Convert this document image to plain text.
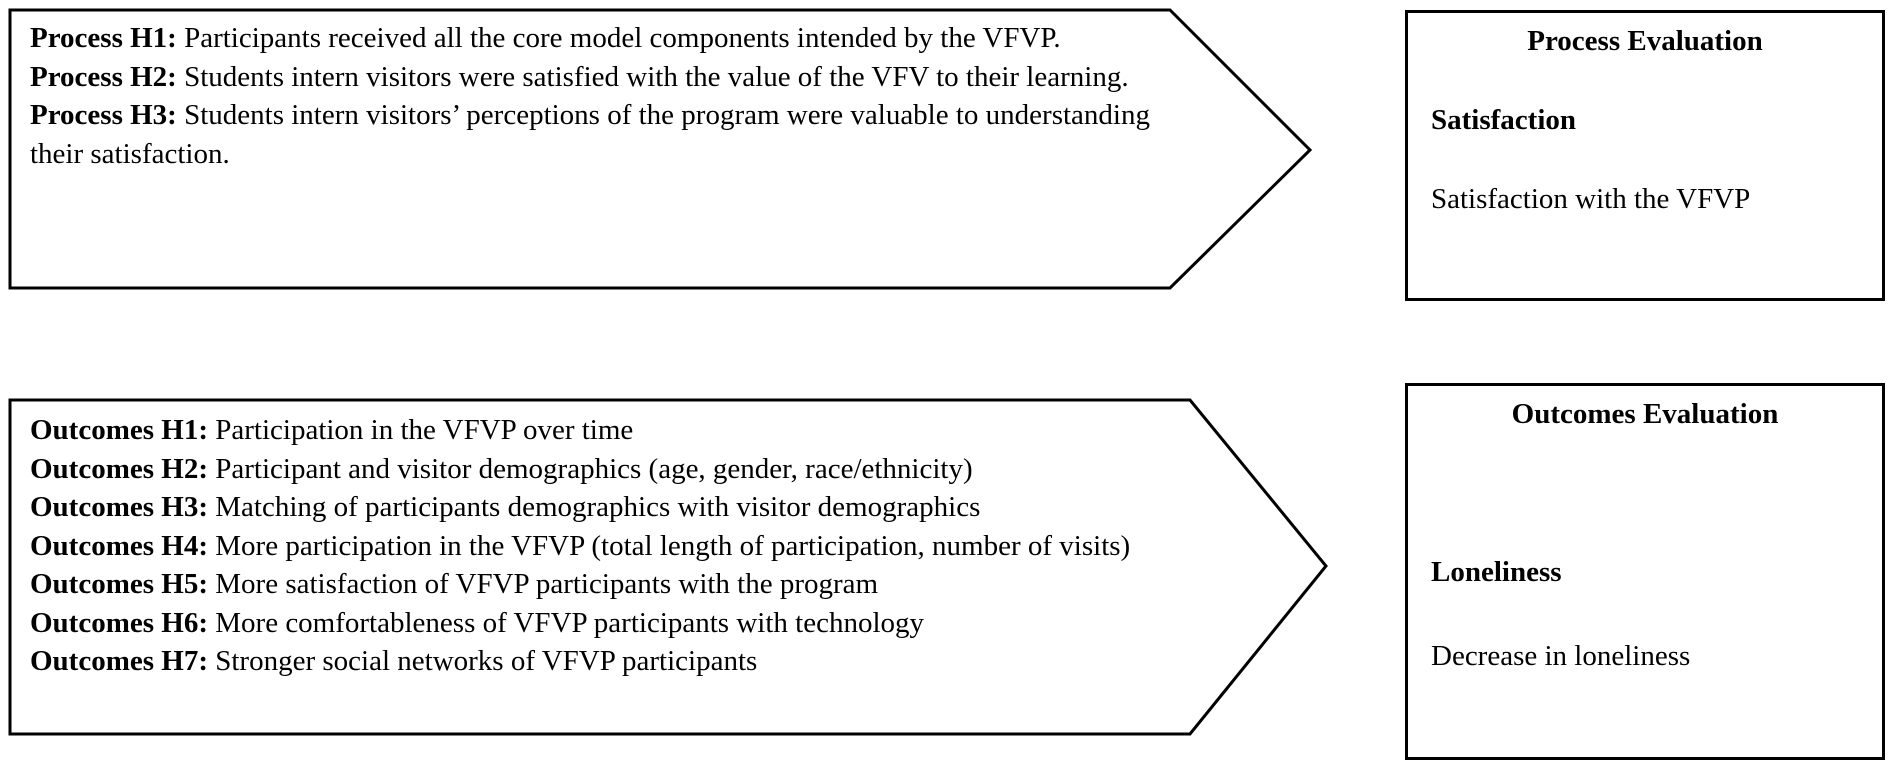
Process H1: Participants received all the core model components intended by the VFVP.
Process H2: Students intern visitors were satisfied with the value of the VFV to their learning.
Process H3: Students intern visitors’ perceptions of the program were valuable to understanding their satisfaction.
Outcomes H1: Participation in the VFVP over time
Outcomes H2: Participant and visitor demographics (age, gender, race/ethnicity)
Outcomes H3: Matching of participants demographics with visitor demographics
Outcomes H4: More participation in the VFVP (total length of participation, number of visits)
Outcomes H5: More satisfaction of VFVP participants with the program
Outcomes H6: More comfortableness of VFVP participants with technology
Outcomes H7: Stronger social networks of VFVP participants
Process Evaluation
Satisfaction
Satisfaction with the VFVP
Outcomes Evaluation
Loneliness
Decrease in loneliness
